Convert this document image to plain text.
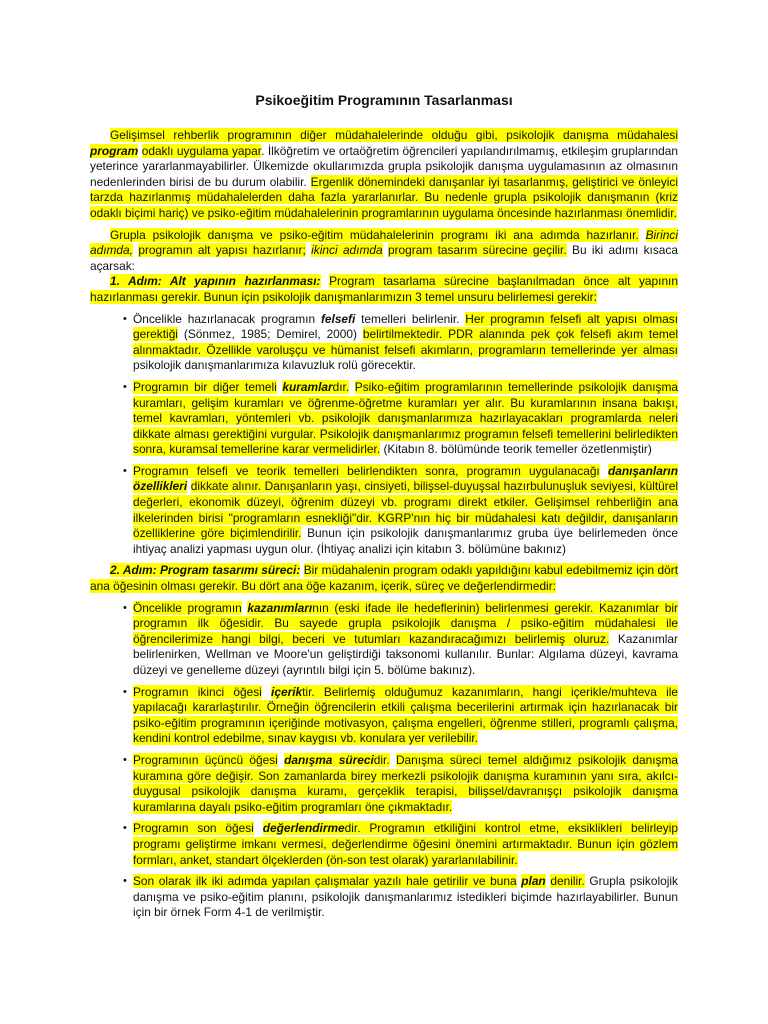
Psikoeğitim Programının Tasarlanması

Gelişimsel rehberlik programının diğer müdahalelerinde olduğu gibi, psikolojik danışma müdahalesi program odaklı uygulama yapar. İlköğretim ve ortaöğretim öğrencileri yapılandırılmamış, etkileşim gruplarından yeterince yararlanmayabilirler. Ülkemizde okullarımızda grupla psikolojik danışma uygulamasının az olmasının nedenlerinden birisi de bu durum olabilir. Ergenlik dönemindeki danışanlar iyi tasarlanmış, geliştirici ve önleyici tarzda hazırlanmış müdahalelerden daha fazla yararlanırlar. Bu nedenle grupla psikolojik danışmanın (kriz odaklı biçimi hariç) ve psiko-eğitim müdahalelerinin programlarının uygulama öncesinde hazırlanması önemlidir.

Grupla psikolojik danışma ve psiko-eğitim müdahalelerinin programı iki ana adımda hazırlanır. Birinci adımda, programın alt yapısı hazırlanır; ikinci adımda program tasarım sürecine geçilir. Bu iki adımı kısaca açarsak:

1. Adım: Alt yapının hazırlanması: Program tasarlama sürecine başlanılmadan önce alt yapının hazırlanması gerekir. Bunun için psikolojik danışmanlarımızın 3 temel unsuru belirlemesi gerekir:

• Öncelikle hazırlanacak programın felsefi temelleri belirlenir. Her programın felsefi alt yapısı olması gerektiği (Sönmez, 1985; Demirel, 2000) belirtilmektedir. PDR alanında pek çok felsefi akım temel alınmaktadır. Özellikle varoluşçu ve hümanist felsefi akımların, programların temellerinde yer alması psikolojik danışmanlarımıza kılavuzluk rolü görecektir.
• Programın bir diğer temeli kuramlardır. Psiko-eğitim programlarının temellerinde psikolojik danışma kuramları, gelişim kuramları ve öğrenme-öğretme kuramları yer alır. Bu kuramlarının insana bakışı, temel kavramları, yöntemleri vb. psikolojik danışmanlarımıza hazırlayacakları programlarda neleri dikkate alması gerektiğini vurgular. Psikolojik danışmanlarımız programın felsefi temellerini belirledikten sonra, kuramsal temellerine karar vermelidirler. (Kitabın 8. bölümünde teorik temeller özetlenmiştir)
• Programın felsefi ve teorik temelleri belirlendikten sonra, programın uygulanacağı danışanların özellikleri dikkate alınır. Danışanların yaşı, cinsiyeti, bilişsel-duyuşsal hazırbulunuşluk seviyesi, kültürel değerleri, ekonomik düzeyi, öğrenim düzeyi vb. programı direkt etkiler. Gelişimsel rehberliğin ana ilkelerinden birisi "programların esnekliği"dir. KGRP'nın hiç bir müdahalesi katı değildir, danışanların özelliklerine göre biçimlendirilir. Bunun için psikolojik danışmanlarımız gruba üye belirlemeden önce ihtiyaç analizi yapması uygun olur. (İhtiyaç analizi için kitabın 3. bölümüne bakınız)

2. Adım: Program tasarımı süreci: Bir müdahalenin program odaklı yapıldığını kabul edebilmemiz için dört ana öğesinin olması gerekir. Bu dört ana öğe kazanım, içerik, süreç ve değerlendirmedir:

• Öncelikle programın kazanımlarının (eski ifade ile hedeflerinin) belirlenmesi gerekir. Kazanımlar bir programın ilk öğesidir. Bu sayede grupla psikolojik danışma / psiko-eğitim müdahalesi ile öğrencilerimize hangi bilgi, beceri ve tutumları kazandıracağımızı belirlemiş oluruz. Kazanımlar belirlenirken, Wellman ve Moore'un geliştirdiği taksonomi kullanılır. Bunlar: Algılama düzeyi, kavrama düzeyi ve genelleme düzeyi (ayrıntılı bilgi için 5. bölüme bakınız).
• Programın ikinci öğesi içeriktir. Belirlemiş olduğumuz kazanımların, hangi içerikle/muhteva ile yapılacağı kararlaştırılır. Örneğin öğrencilerin etkili çalışma becerilerini artırmak için hazırlanacak bir psiko-eğitim programının içeriğinde motivasyon, çalışma engelleri, öğrenme stilleri, programlı çalışma, kendini kontrol edebilme, sınav kaygısı vb. konulara yer verilebilir.
• Programının üçüncü öğesi danışma sürecidir. Danışma süreci temel aldığımız psikolojik danışma kuramına göre değişir. Son zamanlarda birey merkezli psikolojik danışma kuramının yanı sıra, akılcı-duygusal psikolojik danışma kuramı, gerçeklik terapisi, bilişsel/davranışçı psikolojik danışma kuramlarına dayalı psiko-eğitim programları öne çıkmaktadır.
• Programın son öğesi değerlendirmedir. Programın etkiliğini kontrol etme, eksiklikleri belirleyip programı geliştirme imkanı vermesi, değerlendirme öğesini önemini artırmaktadır. Bunun için gözlem formları, anket, standart ölçeklerden (ön-son test olarak) yararlanılabilinir.
• Son olarak ilk iki adımda yapılan çalışmalar yazılı hale getirilir ve buna plan denilir. Grupla psikolojik danışma ve psiko-eğitim planını, psikolojik danışmanlarımız istedikleri biçimde hazırlayabilirler. Bunun için bir örnek Form 4-1 de verilmiştir.
